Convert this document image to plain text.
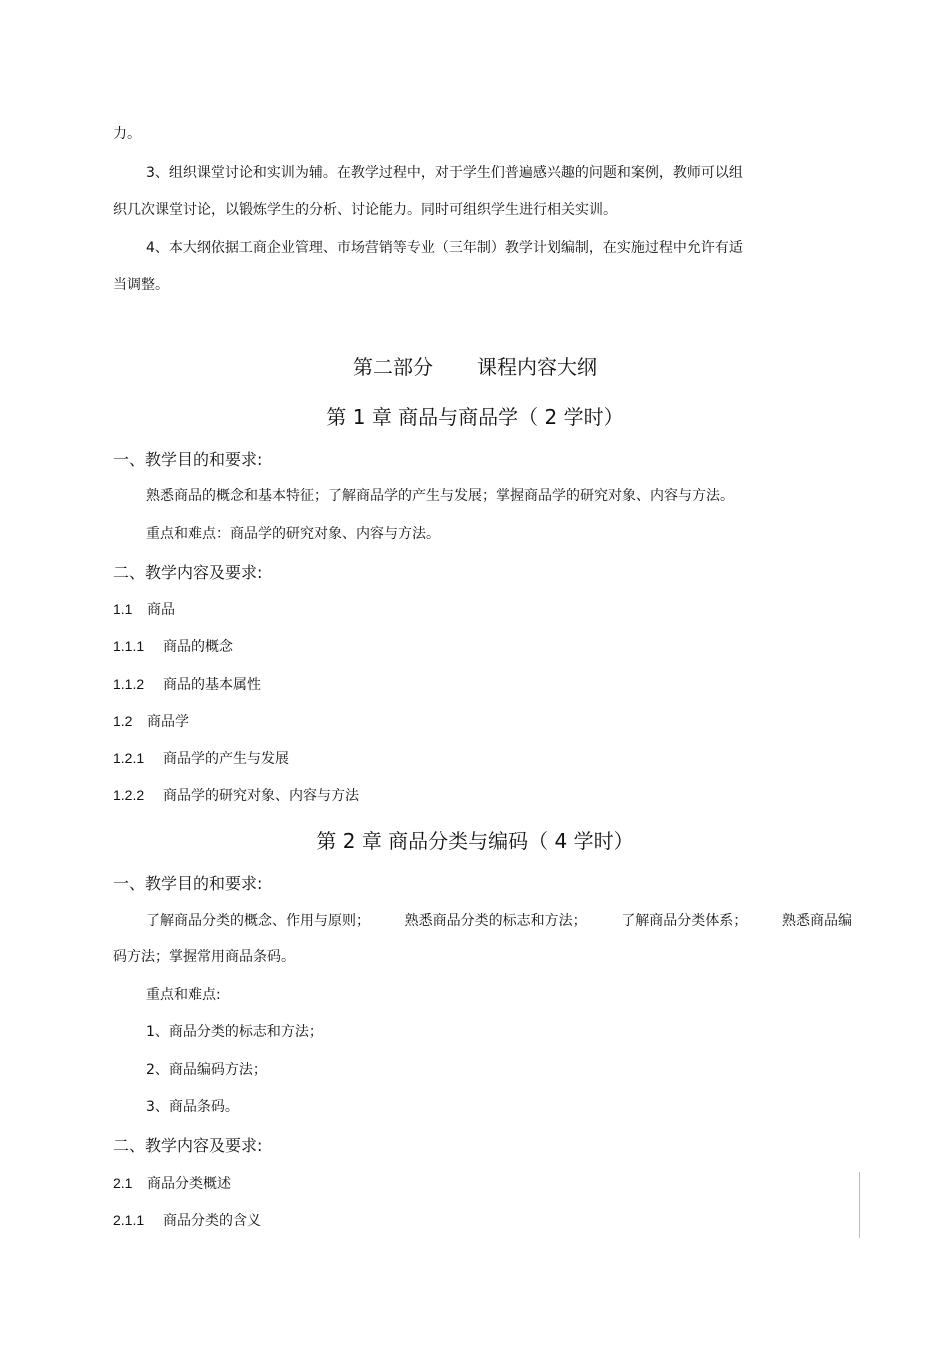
力。
3、组织课堂讨论和实训为辅。在教学过程中，对于学生们普遍感兴趣的问题和案例，教师可以组
织几次课堂讨论，以锻炼学生的分析、讨论能力。同时可组织学生进行相关实训。
4、本大纲依据工商企业管理、市场营销等专业（三年制）教学计划编制，在实施过程中允许有适
当调整。
第二部分 课程内容大纲
第 1 章 商品与商品学（ 2 学时）
一、教学目的和要求:
熟悉商品的概念和基本特征；了解商品学的产生与发展；掌握商品学的研究对象、内容与方法。
重点和难点：商品学的研究对象、内容与方法。
二、教学内容及要求:
1.1 商品
1.1.1 商品的概念
1.1.2 商品的基本属性
1.2 商品学
1.2.1 商品学的产生与发展
1.2.2 商品学的研究对象、内容与方法
第 2 章 商品分类与编码（ 4 学时）
一、教学目的和要求:
了解商品分类的概念、作用与原则； 熟悉商品分类的标志和方法； 了解商品分类体系； 熟悉商品编
码方法；掌握常用商品条码。
重点和难点:
1、商品分类的标志和方法；
2、商品编码方法；
3、商品条码。
二、教学内容及要求:
2.1 商品分类概述
2.1.1 商品分类的含义
